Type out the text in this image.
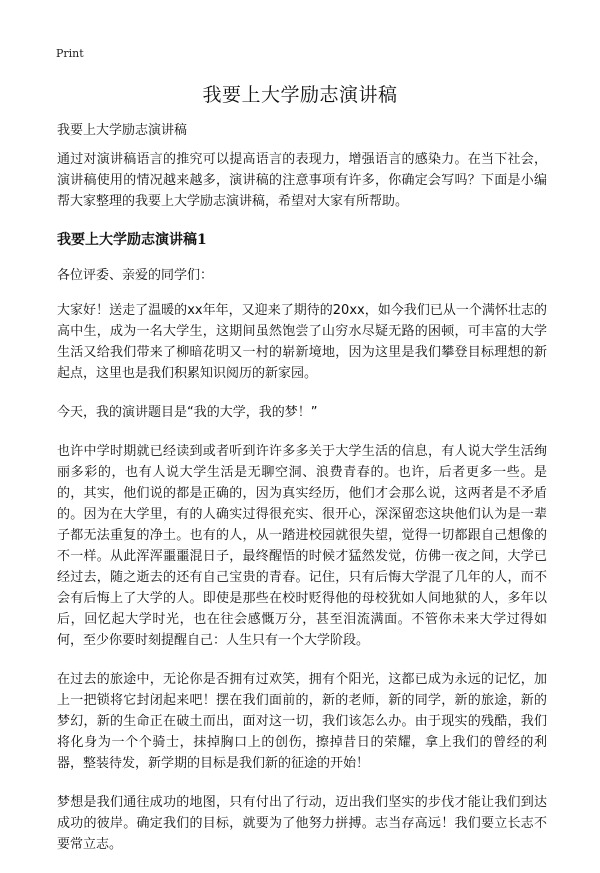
Print
我要上大学励志演讲稿

我要上大学励志演讲稿

通过对演讲稿语言的推究可以提高语言的表现力，增强语言的感染力。在当下社会，演讲稿使用的情况越来越多，演讲稿的注意事项有许多，你确定会写吗？下面是小编帮大家整理的我要上大学励志演讲稿，希望对大家有所帮助。

我要上大学励志演讲稿1

各位评委、亲爱的同学们：

大家好！送走了温暖的xx年年，又迎来了期待的20xx，如今我们已从一个满怀壮志的高中生，成为一名大学生，这期间虽然饱尝了山穷水尽疑无路的困顿，可丰富的大学生活又给我们带来了柳暗花明又一村的崭新境地，因为这里是我们攀登目标理想的新起点，这里也是我们积累知识阅历的新家园。

今天，我的演讲题目是“我的大学，我的梦！”

也许中学时期就已经读到或者听到许许多多关于大学生活的信息，有人说大学生活绚丽多彩的，也有人说大学生活是无聊空洞、浪费青春的。也许，后者更多一些。是的，其实，他们说的都是正确的，因为真实经历，他们才会那么说，这两者是不矛盾的。因为在大学里，有的人确实过得很充实、很开心，深深留恋这块他们认为是一辈子都无法重复的净土。也有的人，从一踏进校园就很失望，觉得一切都跟自己想像的不一样。从此浑浑噩噩混日子，最终醒悟的时候才猛然发觉，仿佛一夜之间，大学已经过去，随之逝去的还有自己宝贵的青春。记住，只有后悔大学混了几年的人，而不会有后悔上了大学的人。即使是那些在校时贬得他的母校犹如人间地狱的人，多年以后，回忆起大学时光，也在往会感慨万分，甚至泪流满面。不管你未来大学过得如何，至少你要时刻提醒自己：人生只有一个大学阶段。

在过去的旅途中，无论你是否拥有过欢笑，拥有个阳光，这都已成为永远的记忆，加上一把锁将它封闭起来吧！摆在我们面前的，新的老师，新的同学，新的旅途，新的梦幻，新的生命正在破土而出，面对这一切，我们该怎么办。由于现实的残酷，我们将化身为一个个骑士，抹掉胸口上的创伤，擦掉昔日的荣耀，拿上我们的曾经的利器，整装待发，新学期的目标是我们新的征途的开始！

梦想是我们通往成功的地图，只有付出了行动，迈出我们坚实的步伐才能让我们到达成功的彼岸。确定我们的目标，就要为了他努力拼搏。志当存高远！我们要立长志不要常立志。
